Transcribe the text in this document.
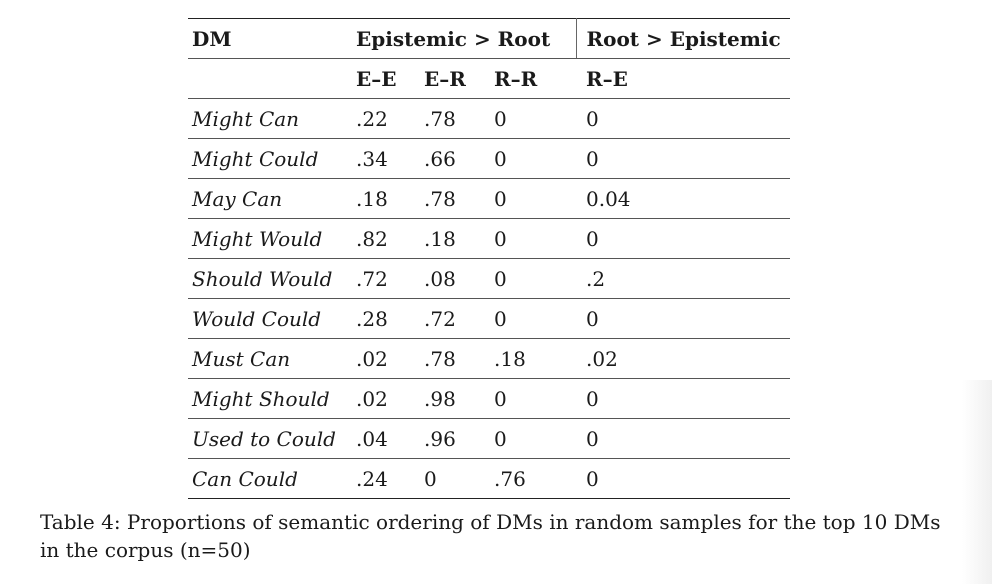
DM	Epistemic > Root			Root > Epistemic
	E–E	E–R	R–R	R–E
Might Can	.22	.78	0	0
Might Could	.34	.66	0	0
May Can	.18	.78	0	0.04
Might Would	.82	.18	0	0
Should Would	.72	.08	0	.2
Would Could	.28	.72	0	0
Must Can	.02	.78	.18	.02
Might Should	.02	.98	0	0
Used to Could	.04	.96	0	0
Can Could	.24	0	.76	0
Table 4: Proportions of semantic ordering of DMs in random samples for the top 10 DMs in the corpus (n=50)
